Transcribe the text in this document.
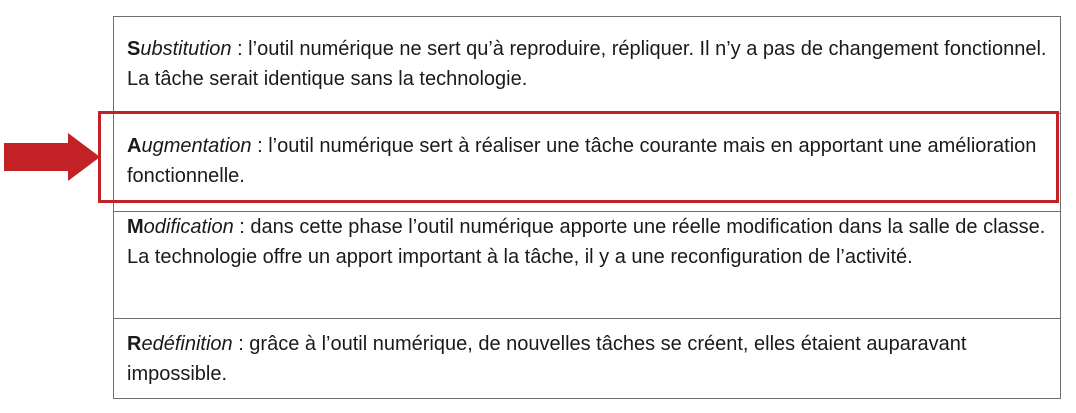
Substitution : l’outil numérique ne sert qu’à reproduire, répliquer. Il n’y a pas de changement fonctionnel. La tâche serait identique sans la technologie.
Augmentation : l’outil numérique sert à réaliser une tâche courante mais en apportant une amélioration fonctionnelle.
Modification : dans cette phase l’outil numérique apporte une réelle modification dans la salle de classe. La technologie offre un apport important à la tâche, il y a une reconfiguration de l’activité.
Redéfinition : grâce à l’outil numérique, de nouvelles tâches se créent, elles étaient auparavant impossible.
